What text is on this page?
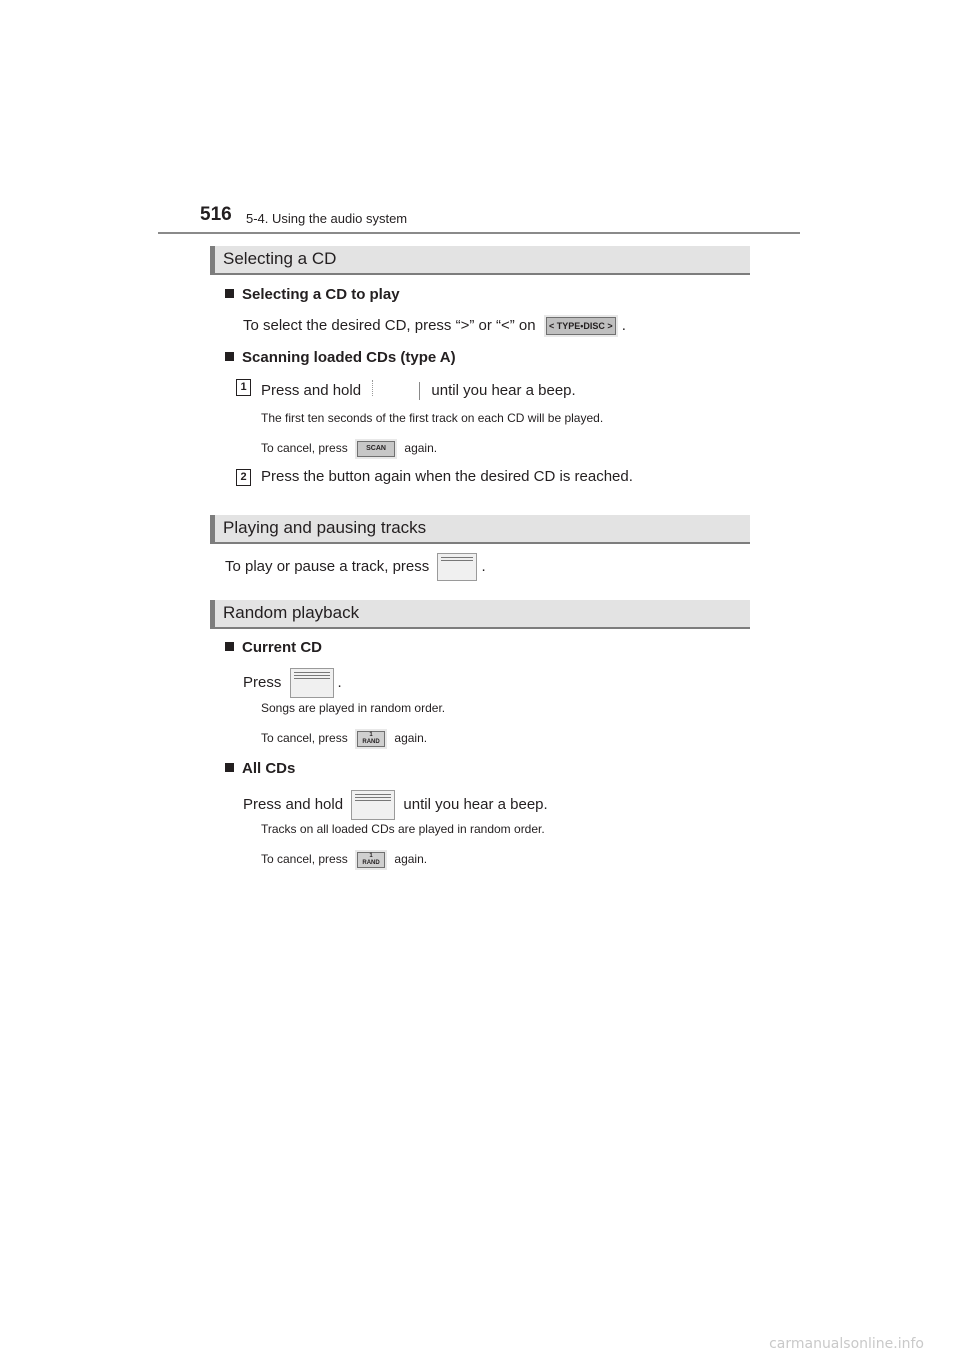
516 5-4. Using the audio system
Selecting a CD
Selecting a CD to play
To select the desired CD, press “>” or “<” on	< TYPE•DISC > .
Scanning loaded CDs (type A)
1 Press and hold	until you hear a beep.
The first ten seconds of the first track on each CD will be played.
To cancel, press	SCAN	again.
2 Press the button again when the desired CD is reached.
Playing and pausing tracks
To play or pause a track, press	.
Random playback
Current CD
Press	.
Songs are played in random order.
To cancel, press	1
RAND	again.
All CDs
Press and hold	until you hear a beep.
Tracks on all loaded CDs are played in random order.
To cancel, press	1
RAND	again.
carmanualsonline.info
